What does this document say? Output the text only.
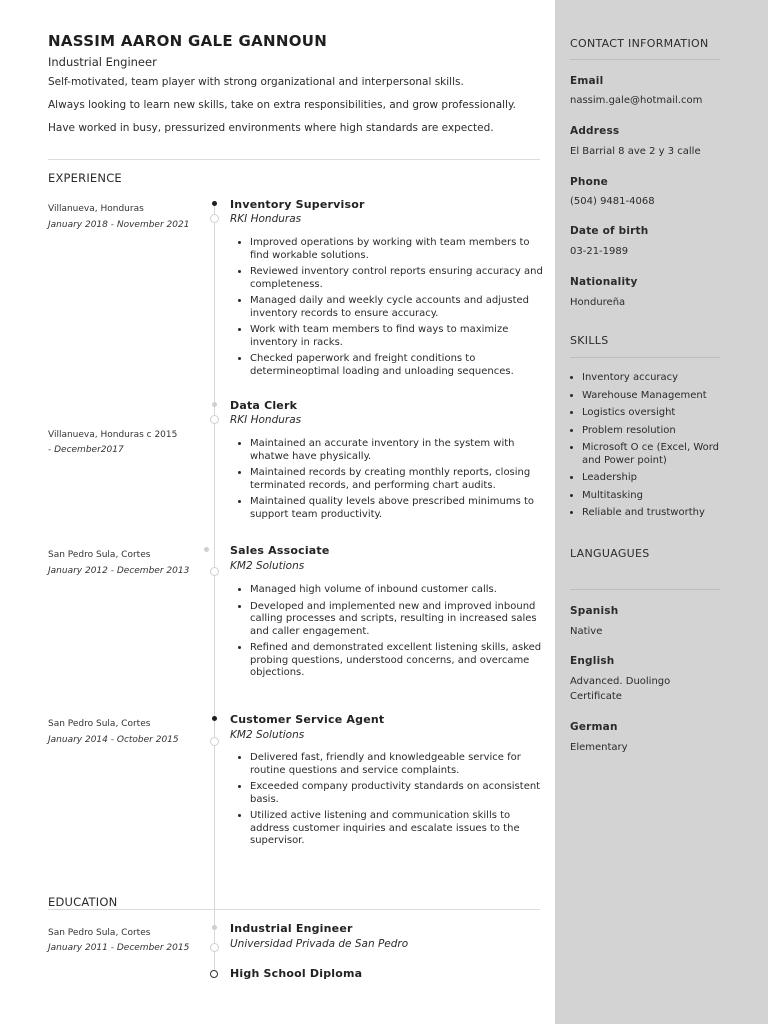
NASSIM AARON GALE GANNOUN
Industrial Engineer
Self-motivated, team player with strong organizational and interpersonal skills.
Always looking to learn new skills, take on extra responsibilities, and grow professionally.
Have worked in busy, pressurized environments where high standards are expected.
EXPERIENCE
Villanueva, Honduras
January 2018 - November 2021
Inventory Supervisor
RKI Honduras
• Improved operations by working with team members to find workable solutions.
• Reviewed inventory control reports ensuring accuracy and completeness.
• Managed daily and weekly cycle accounts and adjusted inventory records to ensure accuracy.
• Work with team members to find ways to maximize inventory in racks.
• Checked paperwork and freight conditions to determineoptimal loading and unloading sequences.
Villanueva, Honduras c 2015
- December2017
Data Clerk
RKI Honduras
• Maintained an accurate inventory in the system with whatwe have physically.
• Maintained records by creating monthly reports, closing terminated records, and performing chart audits.
• Maintained quality levels above prescribed minimums to support team productivity.
San Pedro Sula, Cortes
January 2012 - December 2013
Sales Associate
KM2 Solutions
• Managed high volume of inbound customer calls.
• Developed and implemented new and improved inbound calling processes and scripts, resulting in increased sales and caller engagement.
• Refined and demonstrated excellent listening skills, asked probing questions, understood concerns, and overcame objections.
San Pedro Sula, Cortes
January 2014 - October 2015
Customer Service Agent
KM2 Solutions
• Delivered fast, friendly and knowledgeable service for routine questions and service complaints.
• Exceeded company productivity standards on aconsistent basis.
• Utilized active listening and communication skills to address customer inquiries and escalate issues to the supervisor.
EDUCATION
San Pedro Sula, Cortes
January 2011 - December 2015
Industrial Engineer
Universidad Privada de San Pedro
High School Diploma
CONTACT INFORMATION
Email
nassim.gale@hotmail.com
Address
El Barrial 8 ave 2 y 3 calle
Phone
(504) 9481-4068
Date of birth
03-21-1989
Nationality
Hondureña
SKILLS
• Inventory accuracy
• Warehouse Management
• Logistics oversight
• Problem resolution
• Microsoft O ce (Excel, Word and Power point)
• Leadership
• Multitasking
• Reliable and trustworthy
LANGUAGUES
Spanish
Native
English
Advanced. Duolingo Certificate
German
Elementary
